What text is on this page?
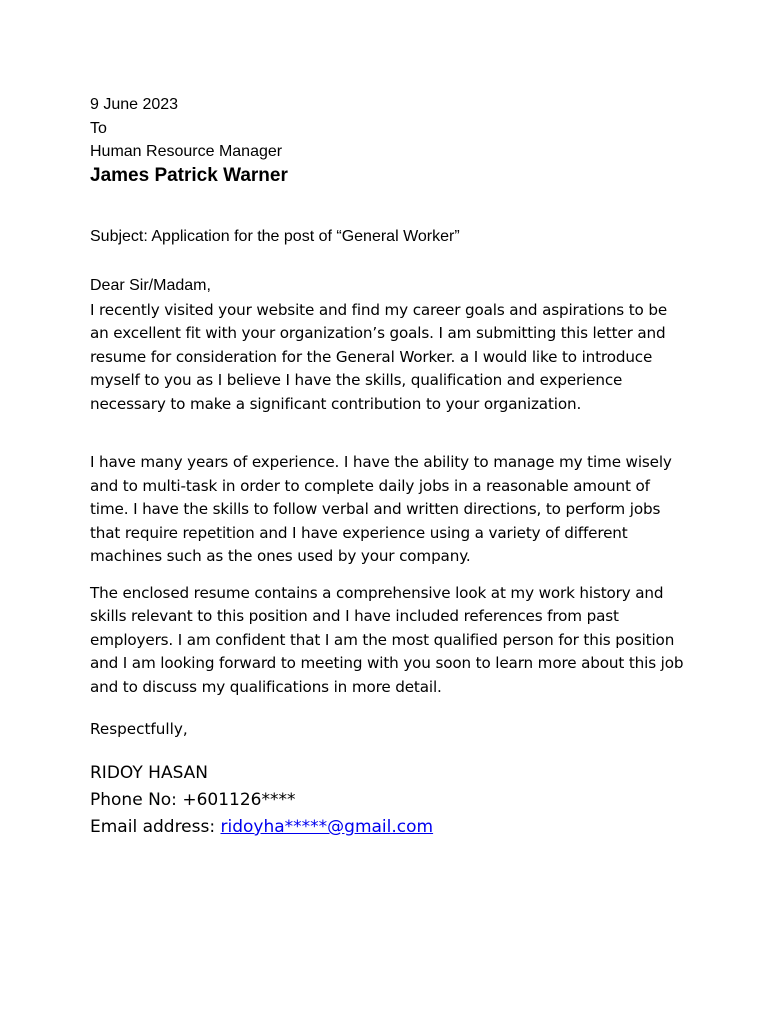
9 June 2023

To

Human Resource Manager

James Patrick Warner

Subject: Application for the post of “General Worker”

Dear Sir/Madam,

I recently visited your website and find my career goals and aspirations to be an excellent fit with your organization’s goals. I am submitting this letter and resume for consideration for the General Worker. a I would like to introduce myself to you as I believe I have the skills, qualification and experience necessary to make a significant contribution to your organization.

I have many years of experience. I have the ability to manage my time wisely and to multi-task in order to complete daily jobs in a reasonable amount of time. I have the skills to follow verbal and written directions, to perform jobs that require repetition and I have experience using a variety of different machines such as the ones used by your company.

The enclosed resume contains a comprehensive look at my work history and skills relevant to this position and I have included references from past employers. I am confident that I am the most qualified person for this position and I am looking forward to meeting with you soon to learn more about this job and to discuss my qualifications in more detail.

Respectfully,

RIDOY HASAN

Phone No: +601126****

Email address: ridoyha*****@gmail.com
